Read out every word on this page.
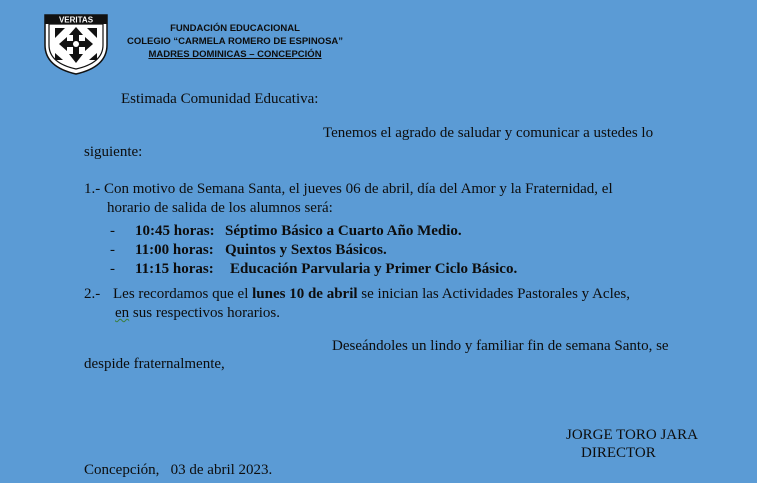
VERITAS
FUNDACIÓN EDUCACIONAL
COLEGIO “CARMELA ROMERO DE ESPINOSA”
MADRES DOMINICAS – CONCEPCIÓN
Estimada Comunidad Educativa:
Tenemos el agrado de saludar y comunicar a ustedes lo
siguiente:
1.- Con motivo de Semana Santa, el jueves 06 de abril, día del Amor y la Fraternidad, el
horario de salida de los alumnos será:
- 10:45 horas: Séptimo Básico a Cuarto Año Medio.
- 11:00 horas: Quintos y Sextos Básicos.
- 11:15 horas: Educación Parvularia y Primer Ciclo Básico.
2.- Les recordamos que el lunes 10 de abril se inician las Actividades Pastorales y Acles,
en sus respectivos horarios.
Deseándoles un lindo y familiar fin de semana Santo, se
despide fraternalmente,
JORGE TORO JARA
DIRECTOR
Concepción,   03 de abril 2023.
